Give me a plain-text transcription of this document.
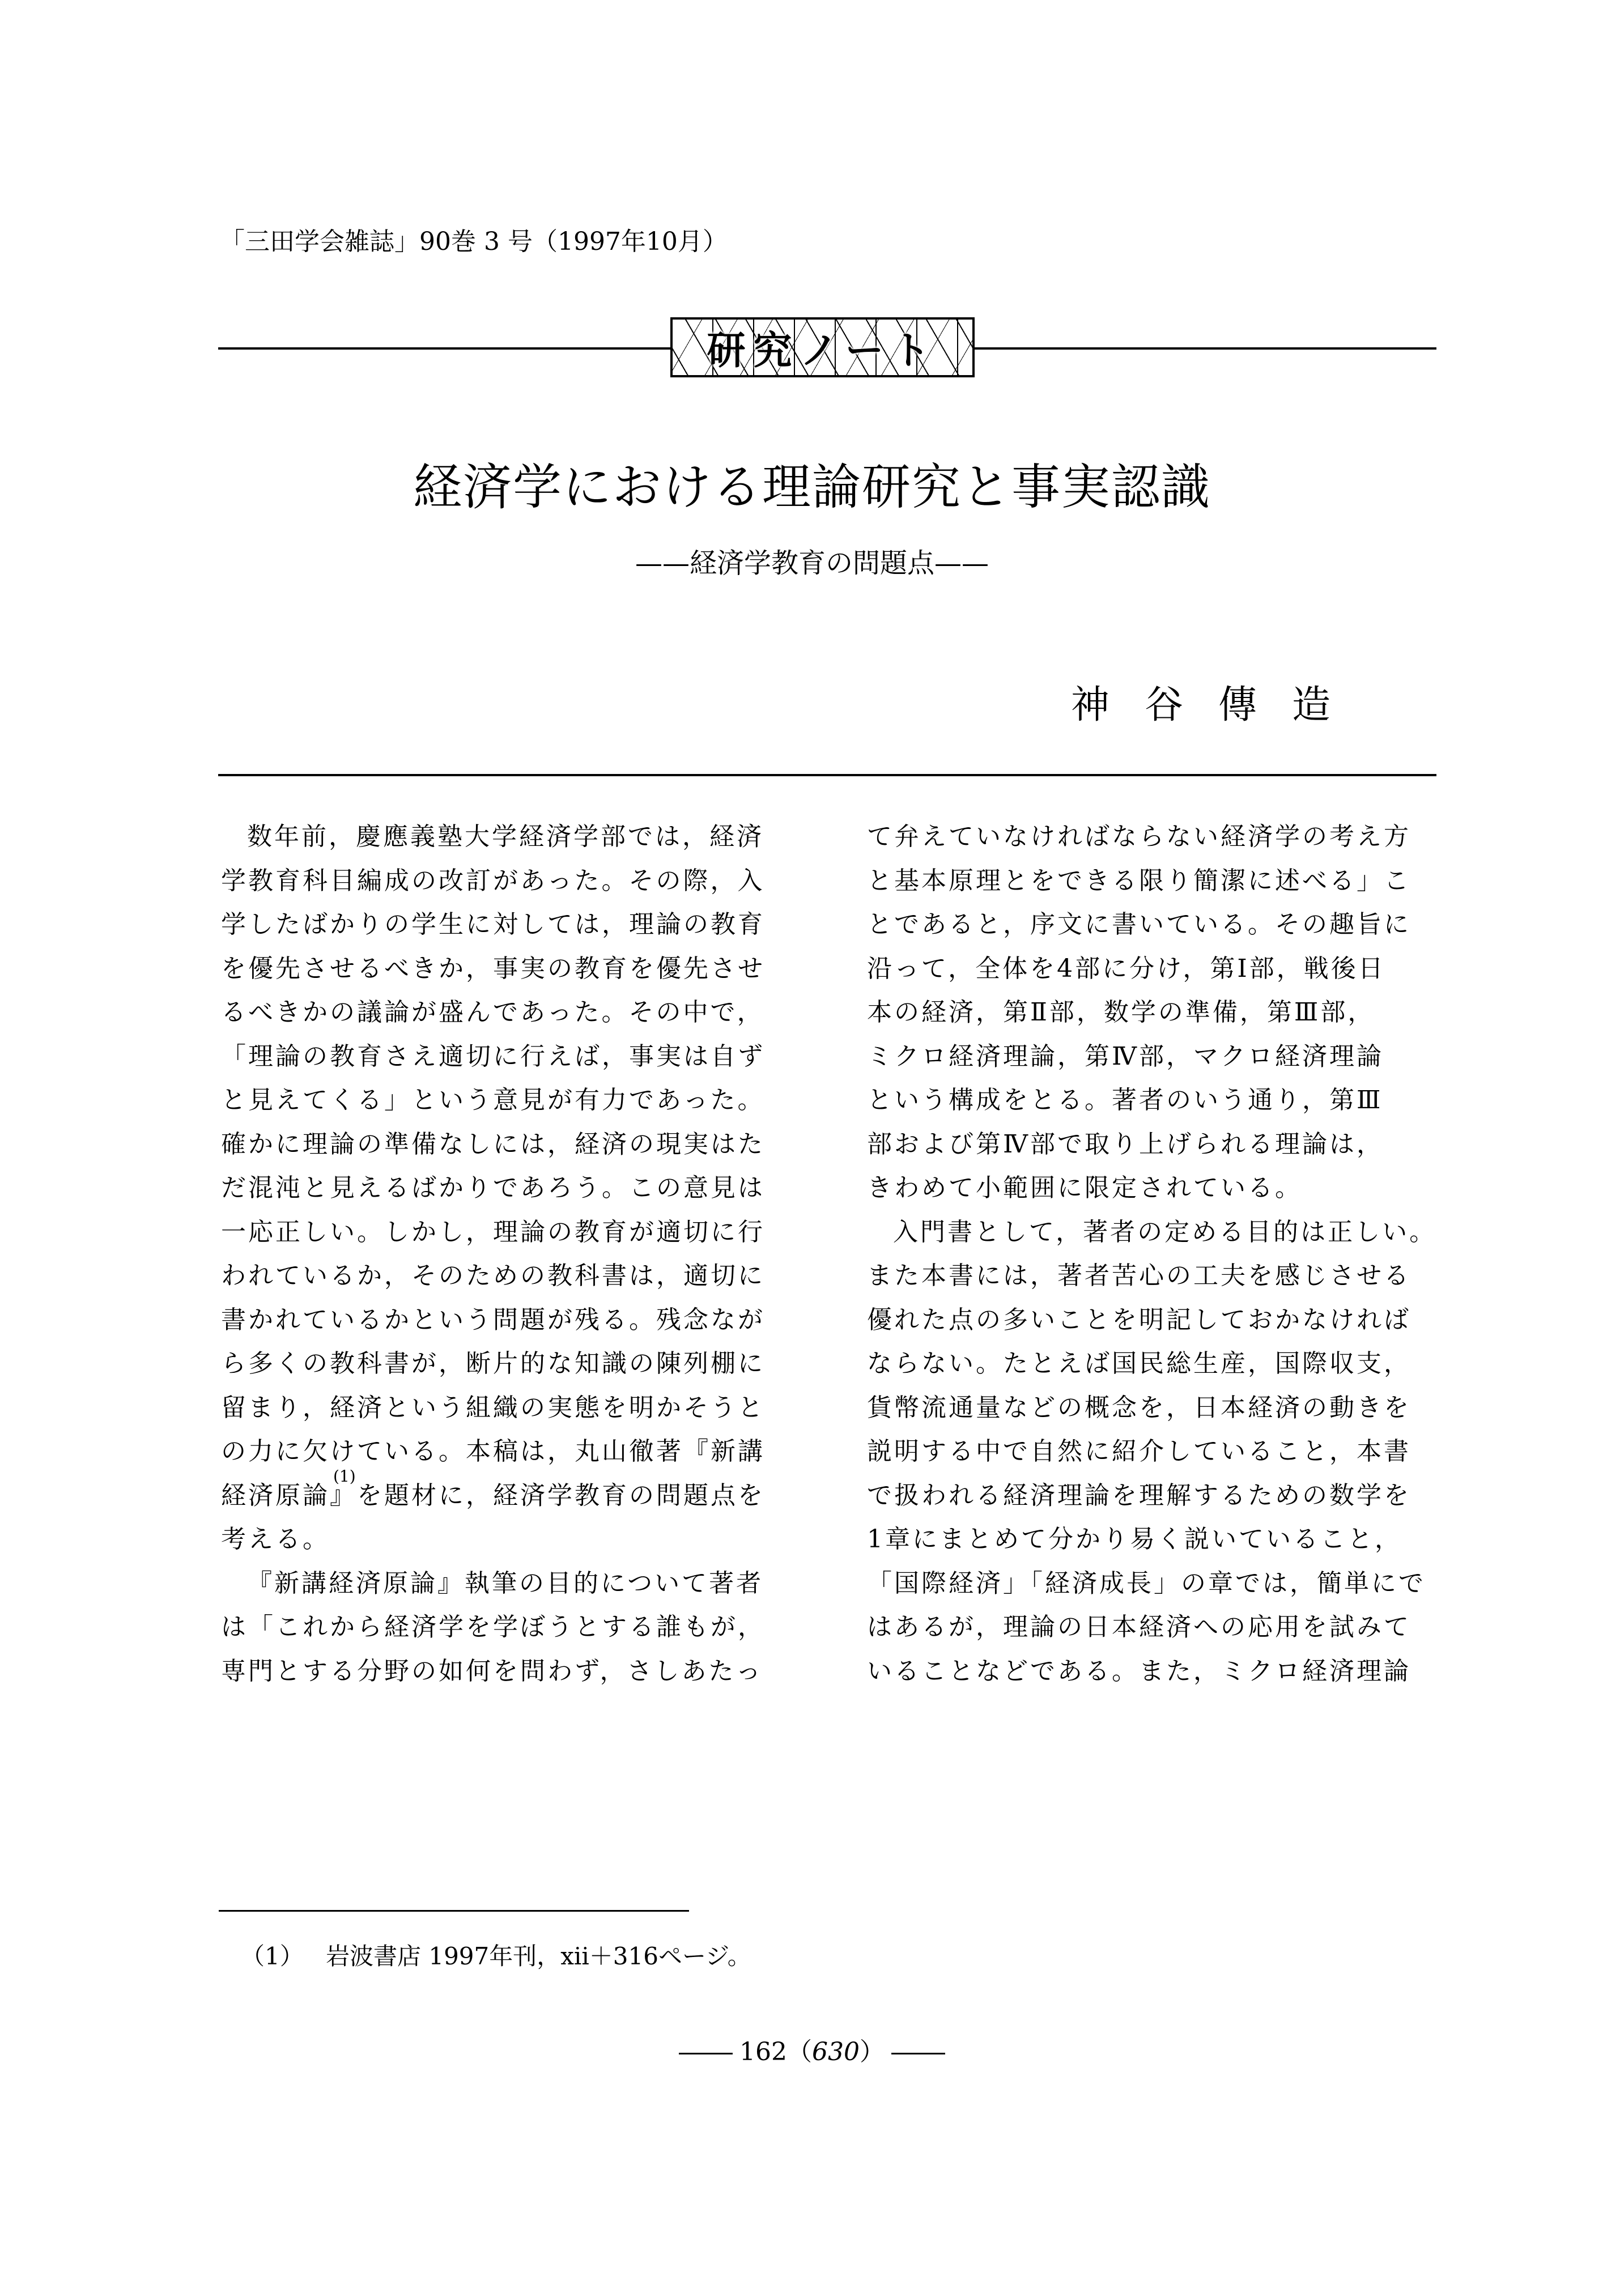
「三田学会雑誌」90巻 3 号（1997年10月）
研究ノート
経済学における理論研究と事実認識
——経済学教育の問題点——
神谷傳造

数年前，慶應義塾大学経済学部では，経済

学教育科目編成の改訂があった。その際，入

学したばかりの学生に対しては，理論の教育

を優先させるべきか，事実の教育を優先させ

るべきかの議論が盛んであった。その中で，

「理論の教育さえ適切に行えば，事実は自ず

と見えてくる」という意見が有力であった。

確かに理論の準備なしには，経済の現実はた

だ混沌と見えるばかりであろう。この意見は

一応正しい。しかし，理論の教育が適切に行

われているか，そのための教科書は，適切に

書かれているかという問題が残る。残念なが

ら多くの教科書が，断片的な知識の陳列棚に

留まり，経済という組織の実態を明かそうと

の力に欠けている。本稿は，丸山徹著『新講

経済原論』を題材に，経済学教育の問題点を
(1)

考える。

『新講経済原論』執筆の目的について著者

は「これから経済学を学ぼうとする誰もが，

専門とする分野の如何を問わず，さしあたっ

て弁えていなければならない経済学の考え方

と基本原理とをできる限り簡潔に述べる」こ

とであると，序文に書いている。その趣旨に

沿って，全体を4部に分け，第Ⅰ部，戦後日

本の経済，第Ⅱ部，数学の準備，第Ⅲ部，

ミクロ経済理論，第Ⅳ部，マクロ経済理論

という構成をとる。著者のいう通り，第Ⅲ

部および第Ⅳ部で取り上げられる理論は，

きわめて小範囲に限定されている。

入門書として，著者の定める目的は正しい。

また本書には，著者苦心の工夫を感じさせる

優れた点の多いことを明記しておかなければ

ならない。たとえば国民総生産，国際収支，

貨幣流通量などの概念を，日本経済の動きを

説明する中で自然に紹介していること，本書

で扱われる経済理論を理解するための数学を

1章にまとめて分かり易く説いていること，

「国際経済」「経済成長」の章では，簡単にで

はあるが，理論の日本経済への応用を試みて

いることなどである。また，ミクロ経済理論

（1） 岩波書店 1997年刊，xii＋316ページ。
162（630）
